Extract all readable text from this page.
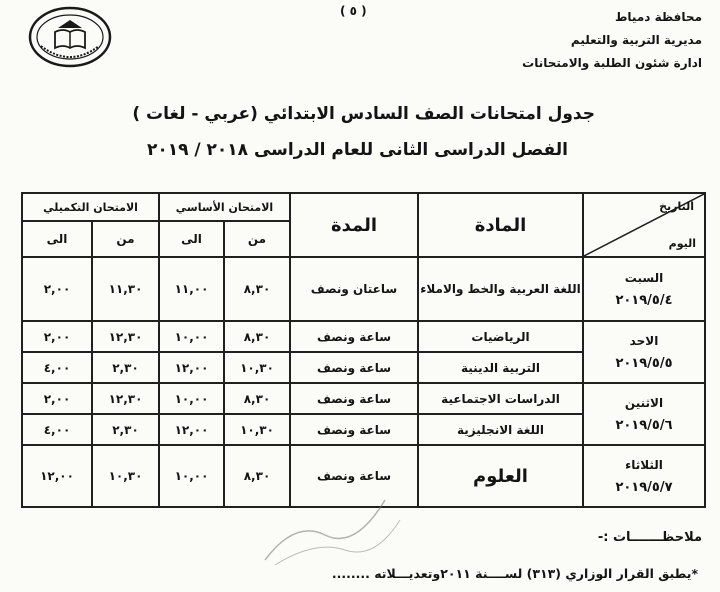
( ٥ )	محافظة دمياط
مديرية التربية والتعليم
ادارة شئون الطلبة والامتحانات
جدول امتحانات الصف السادس الابتدائي (عربي - لغات )
الفصل الدراسى الثانى للعام الدراسى ٢٠١٨ / ٢٠١٩
التاريخ
اليوم	المادة	المدة	الامتحان الأساسي		الامتحان التكميلي	
			من	الى	من	الى

السبت
٢٠١٩/٥/٤	اللغة العربية والخط والاملاء	ساعتان ونصف	٨,٣٠	١١,٠٠	١١,٣٠	٢,٠٠

الاحد
٢٠١٩/٥/٥	الرياضيات	ساعة ونصف	٨,٣٠	١٠,٠٠	١٢,٣٠	٢,٠٠
	التربية الدينية	ساعة ونصف	١٠,٣٠	١٢,٠٠	٢,٣٠	٤,٠٠

الاثنين
٢٠١٩/٥/٦	الدراسات الاجتماعية	ساعة ونصف	٨,٣٠	١٠,٠٠	١٢,٣٠	٢,٠٠
	اللغة الانجليزية	ساعة ونصف	١٠,٣٠	١٢,٠٠	٢,٣٠	٤,٠٠

الثلاثاء
٢٠١٩/٥/٧	العلوم	ساعة ونصف	٨,٣٠	١٠,٠٠	١٠,٣٠	١٢,٠٠
ملاحظـــــــات :-
*يطبق القرار الوزاري (٣١٣) لســــنة ٢٠١١وتعديـــلاته ........
